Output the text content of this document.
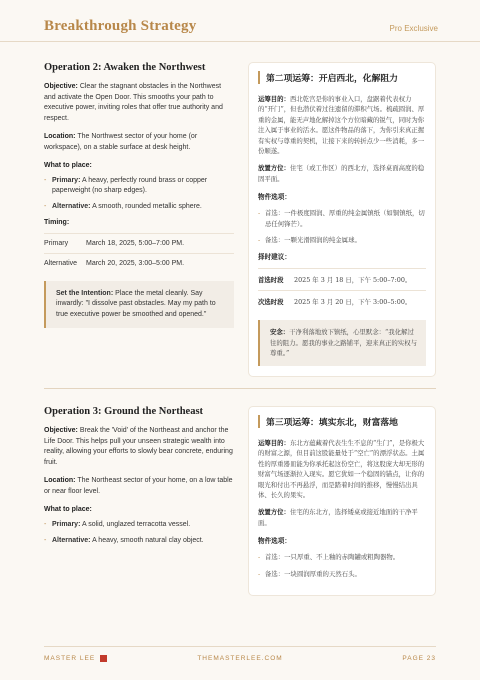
Breakthrough Strategy	Pro Exclusive
Operation 2: Awaken the Northwest

Objective: Clear the stagnant obstacles in the Northwest and activate the Open Door. This smooths your path to executive power, inviting roles that offer true authority and respect.

Location: The Northwest sector of your home (or workspace), on a stable surface at desk height.

What to place:
- Primary: A heavy, perfectly round brass or copper paperweight (no sharp edges).
- Alternative: A smooth, rounded metallic sphere.
Timing:
Primary	March 18, 2025, 5:00–7:00 PM.
Alternative	March 20, 2025, 3:00–5:00 PM.
Set the Intention: Place the metal cleanly. Say inwardly: "I dissolve past obstacles. May my path to true executive power be smoothed and opened."
第二项运筹：开启西北，化解阻力

运筹目的：西北乾宫是你的事业入口，盘踞着代表权力的“开门”，但也潜伏着过往遗留的滞积气场。梳疏圆润、厚重的金属，能无声地化解掉这个方位暗藏的锐气，同时为你注入属于事业的活水。愿这件物品的落下，为你引来真正握有实权与尊重的契机，让接下来的转折点少一些消耗，多一份顺遂。

放置方位：住宅（或工作区）的西北方，选择桌面高度的稳固平面。

物件选项：
- 首选：一件极度圆润、厚重的纯金属镇纸（如铜镇纸，切忌任何锋芒）。
- 备选：一颗光滑圆润的纯金属球。
择时建议：
首选时段	2025 年 3 月 18 日，下午 5:00–7:00。
次选时段	2025 年 3 月 20 日，下午 3:00–5:00。
安念：干净利落地放下镇纸，心里默念：“我化解过往的阻力。愿我的事业之路铺平，迎来真正的实权与尊重。”
Operation 3: Ground the Northeast

Objective: Break the 'Void' of the Northeast and anchor the Life Door. This helps pull your unseen strategic wealth into reality, allowing your efforts to slowly bear concrete, enduring fruit.

Location: The Northeast sector of your home, on a low table or near floor level.

What to place:
- Primary: A solid, unglazed terracotta vessel.
- Alternative: A heavy, smooth natural clay object.
第三项运筹：填实东北，财富落地

运筹目的：东北方蕴藏着代表生生不息的“生门”，是你极大的财富之源，但目前这股能量处于“空亡”的漂浮状态。土属性的厚重器皿能为你承托起这份空亡，将这股庞大却无形的财富气场逐渐拉入现实。愿它犹如一个稳固的锚点，让你的眼光和付出不再悬浮，而是踏着时间的推移，慢慢结出具体、长久的果实。

放置方位：住宅的东北方，选择矮桌或接近地面的干净平面。

物件选项：
- 首选：一只厚重、不上釉的赤陶罐或粗陶器物。
- 备选：一块圆润厚重的天然石头。
MASTER LEE	THEMASTERLEE.COM	PAGE 23
